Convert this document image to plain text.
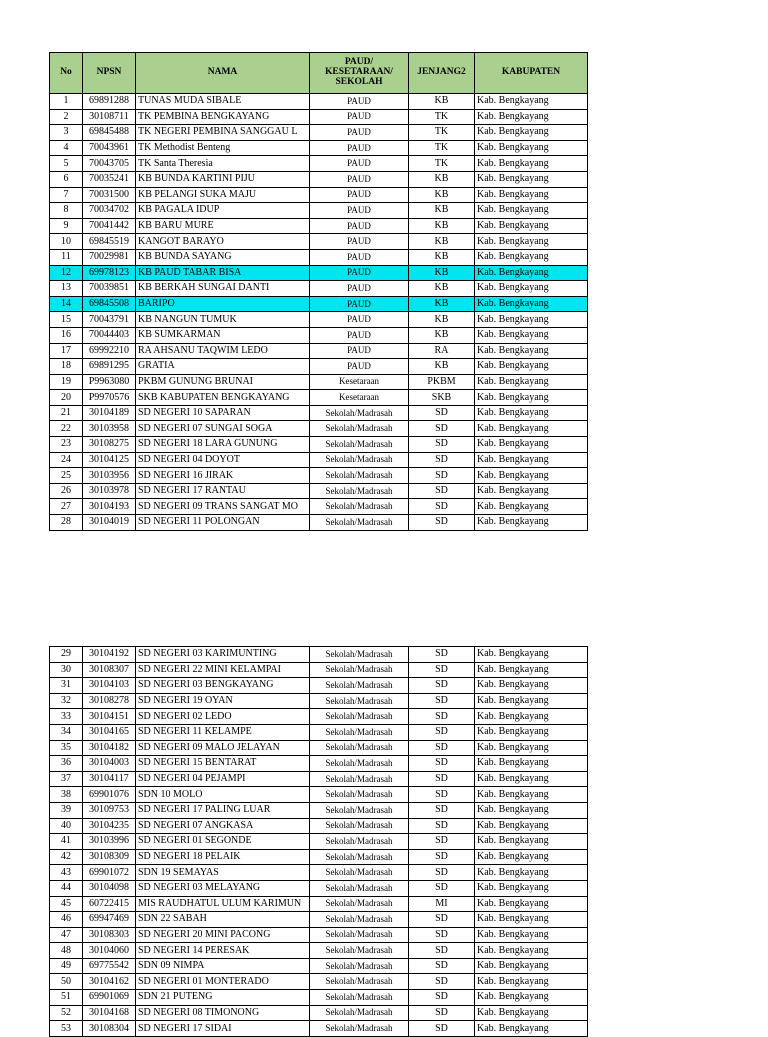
No	NPSN	NAMA	PAUD/ KESETARAAN/ SEKOLAH	JENJANG2	KABUPATEN
1	69891288	TUNAS MUDA SIBALE	PAUD	KB	Kab. Bengkayang
2	30108711	TK PEMBINA BENGKAYANG	PAUD	TK	Kab. Bengkayang
3	69845488	TK NEGERI PEMBINA SANGGAU L	PAUD	TK	Kab. Bengkayang
4	70043961	TK Methodist Benteng	PAUD	TK	Kab. Bengkayang
5	70043705	TK Santa Theresia	PAUD	TK	Kab. Bengkayang
6	70035241	KB BUNDA KARTINI PIJU	PAUD	KB	Kab. Bengkayang
7	70031500	KB PELANGI SUKA MAJU	PAUD	KB	Kab. Bengkayang
8	70034702	KB PAGALA IDUP	PAUD	KB	Kab. Bengkayang
9	70041442	KB BARU MURE	PAUD	KB	Kab. Bengkayang
10	69845519	KANGOT BARAYO	PAUD	KB	Kab. Bengkayang
11	70029981	KB BUNDA SAYANG	PAUD	KB	Kab. Bengkayang
12	69978123	KB PAUD TABAR BISA	PAUD	KB	Kab. Bengkayang
13	70039851	KB BERKAH SUNGAI DANTI	PAUD	KB	Kab. Bengkayang
14	69845508	BARIPO	PAUD	KB	Kab. Bengkayang
15	70043791	KB NANGUN TUMUK	PAUD	KB	Kab. Bengkayang
16	70044403	KB SUMKARMAN	PAUD	KB	Kab. Bengkayang
17	69992210	RA AHSANU TAQWIM LEDO	PAUD	RA	Kab. Bengkayang
18	69891295	GRATIA	PAUD	KB	Kab. Bengkayang
19	P9963080	PKBM GUNUNG BRUNAI	Kesetaraan	PKBM	Kab. Bengkayang
20	P9970576	SKB KABUPATEN BENGKAYANG	Kesetaraan	SKB	Kab. Bengkayang
21	30104189	SD NEGERI 10 SAPARAN	Sekolah/Madrasah	SD	Kab. Bengkayang
22	30103958	SD NEGERI 07 SUNGAI SOGA	Sekolah/Madrasah	SD	Kab. Bengkayang
23	30108275	SD NEGERI 18 LARA GUNUNG	Sekolah/Madrasah	SD	Kab. Bengkayang
24	30104125	SD NEGERI 04 DOYOT	Sekolah/Madrasah	SD	Kab. Bengkayang
25	30103956	SD NEGERI 16 JIRAK	Sekolah/Madrasah	SD	Kab. Bengkayang
26	30103978	SD NEGERI 17 RANTAU	Sekolah/Madrasah	SD	Kab. Bengkayang
27	30104193	SD NEGERI 09 TRANS SANGAT MO	Sekolah/Madrasah	SD	Kab. Bengkayang
28	30104019	SD NEGERI 11 POLONGAN	Sekolah/Madrasah	SD	Kab. Bengkayang
29	30104192	SD NEGERI 03 KARIMUNTING	Sekolah/Madrasah	SD	Kab. Bengkayang
30	30108307	SD NEGERI 22 MINI KELAMPAI	Sekolah/Madrasah	SD	Kab. Bengkayang
31	30104103	SD NEGERI 03 BENGKAYANG	Sekolah/Madrasah	SD	Kab. Bengkayang
32	30108278	SD NEGERI 19 OYAN	Sekolah/Madrasah	SD	Kab. Bengkayang
33	30104151	SD NEGERI 02 LEDO	Sekolah/Madrasah	SD	Kab. Bengkayang
34	30104165	SD NEGERI 11 KELAMPE	Sekolah/Madrasah	SD	Kab. Bengkayang
35	30104182	SD NEGERI 09 MALO JELAYAN	Sekolah/Madrasah	SD	Kab. Bengkayang
36	30104003	SD NEGERI 15 BENTARAT	Sekolah/Madrasah	SD	Kab. Bengkayang
37	30104117	SD NEGERI 04 PEJAMPI	Sekolah/Madrasah	SD	Kab. Bengkayang
38	69901076	SDN 10 MOLO	Sekolah/Madrasah	SD	Kab. Bengkayang
39	30109753	SD NEGERI 17 PALING LUAR	Sekolah/Madrasah	SD	Kab. Bengkayang
40	30104235	SD NEGERI 07 ANGKASA	Sekolah/Madrasah	SD	Kab. Bengkayang
41	30103996	SD NEGERI 01 SEGONDE	Sekolah/Madrasah	SD	Kab. Bengkayang
42	30108309	SD NEGERI 18 PELAIK	Sekolah/Madrasah	SD	Kab. Bengkayang
43	69901072	SDN 19 SEMAYAS	Sekolah/Madrasah	SD	Kab. Bengkayang
44	30104098	SD NEGERI 03 MELAYANG	Sekolah/Madrasah	SD	Kab. Bengkayang
45	60722415	MIS RAUDHATUL ULUM KARIMUN	Sekolah/Madrasah	MI	Kab. Bengkayang
46	69947469	SDN 22 SABAH	Sekolah/Madrasah	SD	Kab. Bengkayang
47	30108303	SD NEGERI 20 MINI PACONG	Sekolah/Madrasah	SD	Kab. Bengkayang
48	30104060	SD NEGERI 14 PERESAK	Sekolah/Madrasah	SD	Kab. Bengkayang
49	69775542	SDN 09 NIMPA	Sekolah/Madrasah	SD	Kab. Bengkayang
50	30104162	SD NEGERI 01 MONTERADO	Sekolah/Madrasah	SD	Kab. Bengkayang
51	69901069	SDN 21 PUTENG	Sekolah/Madrasah	SD	Kab. Bengkayang
52	30104168	SD NEGERI 08 TIMONONG	Sekolah/Madrasah	SD	Kab. Bengkayang
53	30108304	SD NEGERI 17 SIDAI	Sekolah/Madrasah	SD	Kab. Bengkayang
